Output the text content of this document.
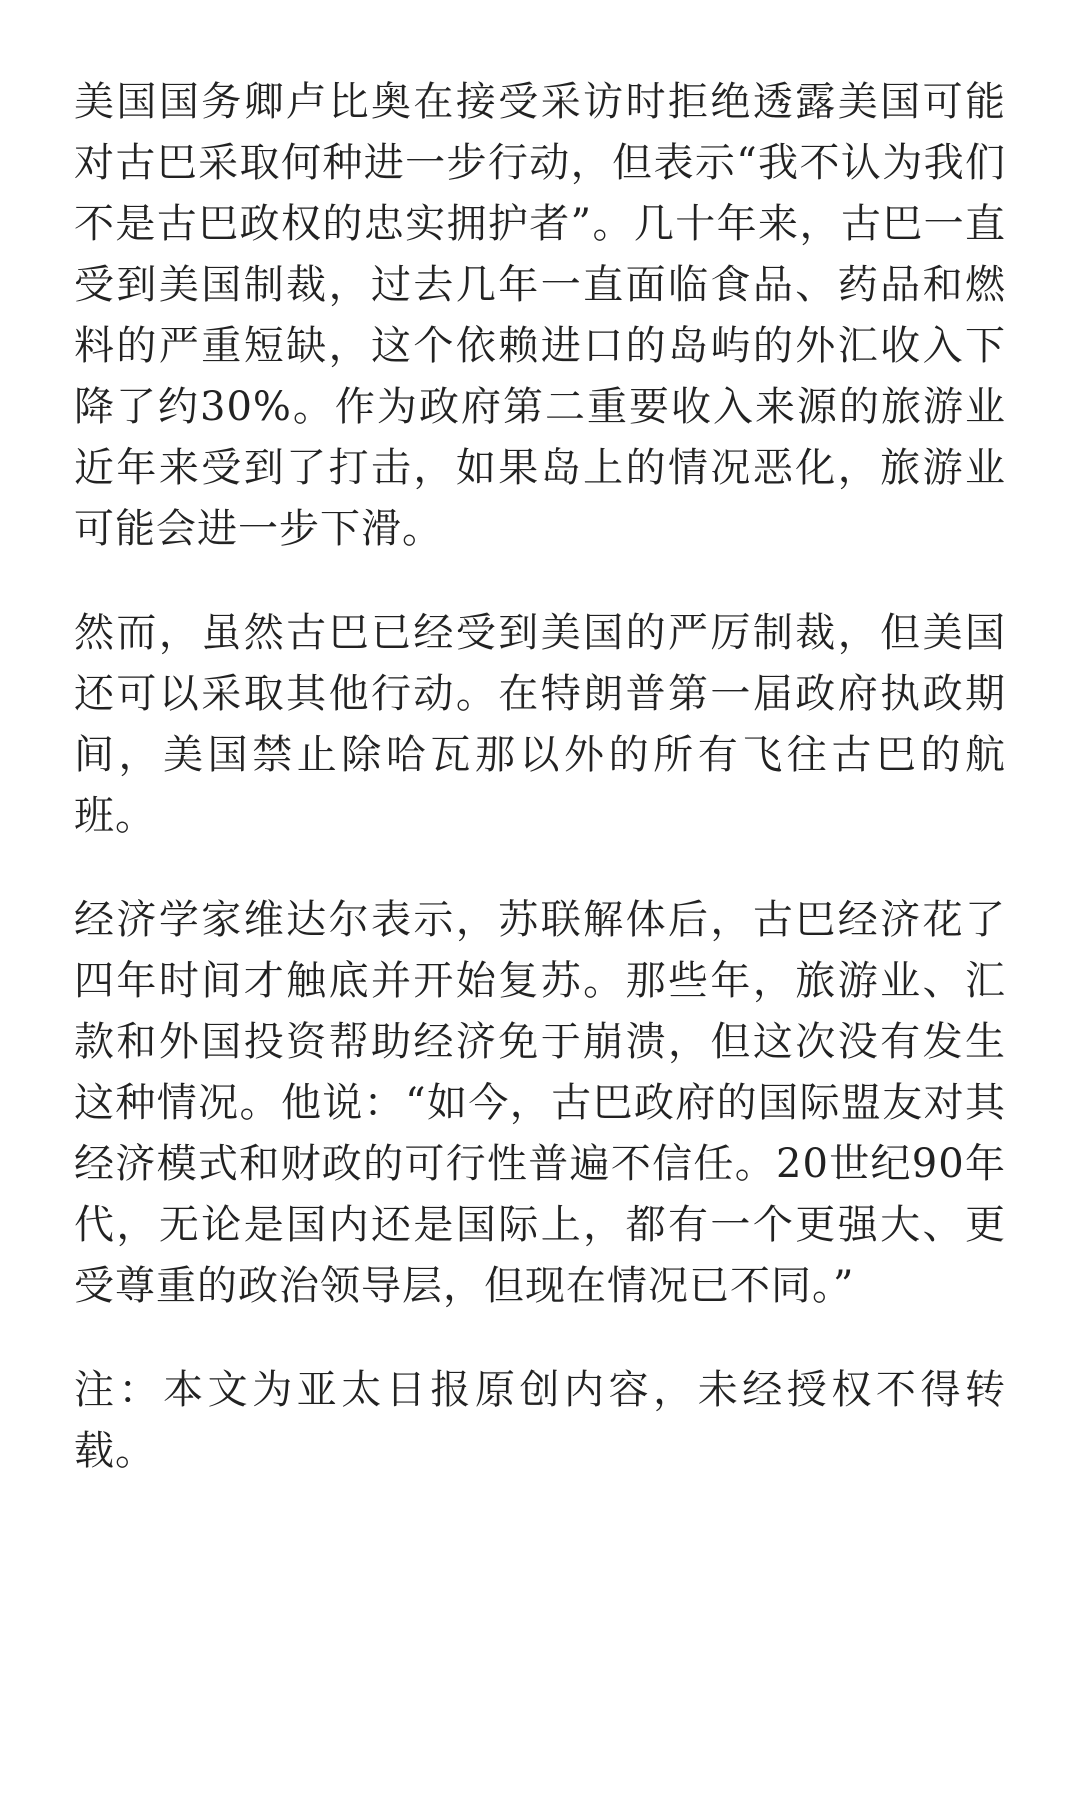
美国国务卿卢比奥在接受采访时拒绝透露美国可能对古巴采取何种进一步行动，但表示“我不认为我们不是古巴政权的忠实拥护者”。几十年来，古巴一直受到美国制裁，过去几年一直面临食品、药品和燃料的严重短缺，这个依赖进口的岛屿的外汇收入下降了约30%。作为政府第二重要收入来源的旅游业近年来受到了打击，如果岛上的情况恶化，旅游业可能会进一步下滑。

然而，虽然古巴已经受到美国的严厉制裁，但美国还可以采取其他行动。在特朗普第一届政府执政期间，美国禁止除哈瓦那以外的所有飞往古巴的航班。

经济学家维达尔表示，苏联解体后，古巴经济花了四年时间才触底并开始复苏。那些年，旅游业、汇款和外国投资帮助经济免于崩溃，但这次没有发生这种情况。他说：“如今，古巴政府的国际盟友对其经济模式和财政的可行性普遍不信任。20世纪90年代，无论是国内还是国际上，都有一个更强大、更受尊重的政治领导层，但现在情况已不同。”

注：本文为亚太日报原创内容，未经授权不得转载。
